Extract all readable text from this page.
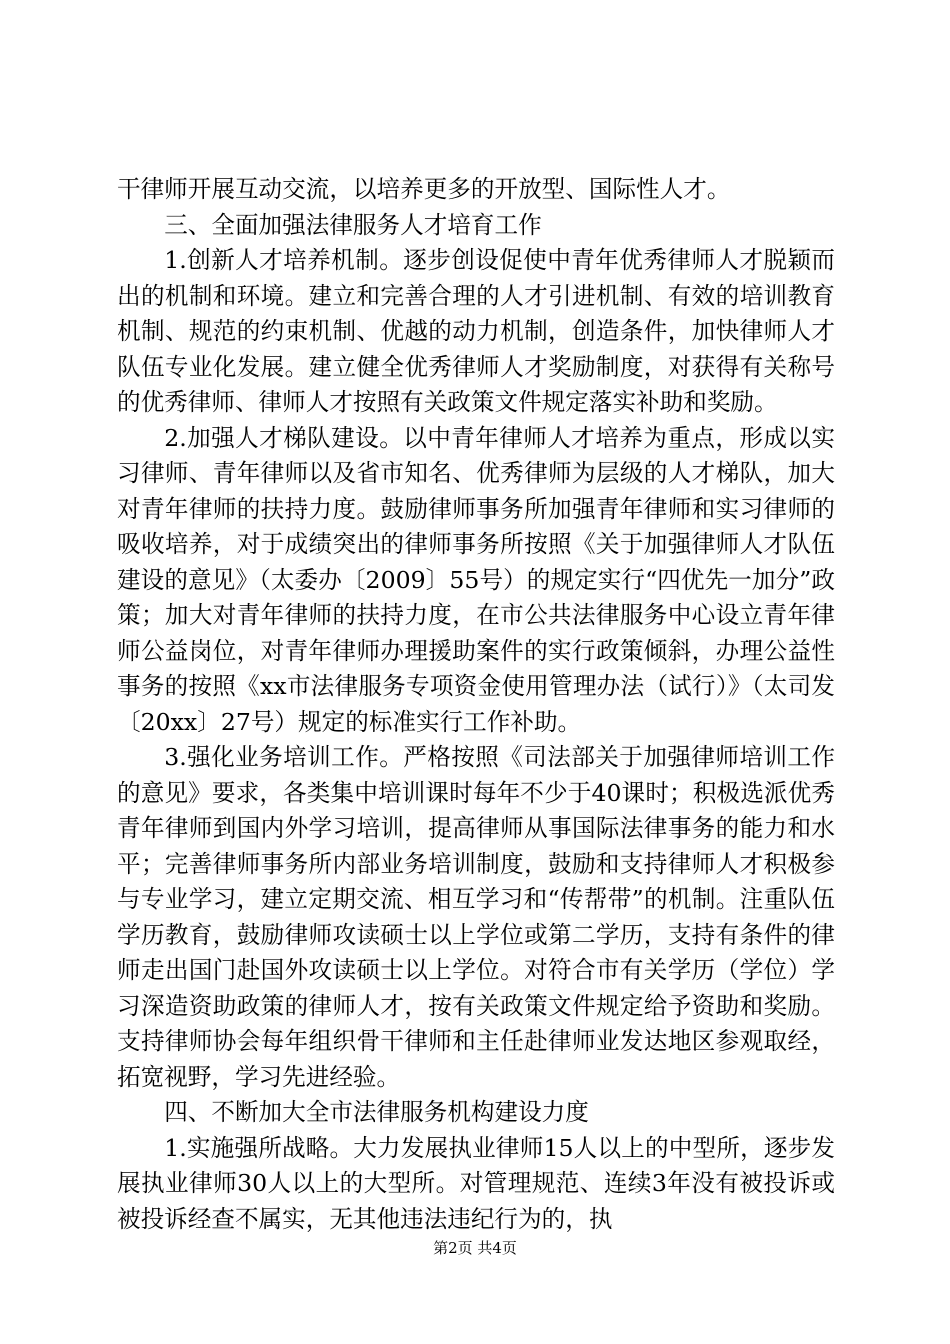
干律师开展互动交流，以培养更多的开放型、国际性人才。

三、全面加强法律服务人才培育工作

1.创新人才培养机制。逐步创设促使中青年优秀律师人才脱颖而出的机制和环境。建立和完善合理的人才引进机制、有效的培训教育机制、规范的约束机制、优越的动力机制，创造条件，加快律师人才队伍专业化发展。建立健全优秀律师人才奖励制度，对获得有关称号的优秀律师、律师人才按照有关政策文件规定落实补助和奖励。

2.加强人才梯队建设。以中青年律师人才培养为重点，形成以实习律师、青年律师以及省市知名、优秀律师为层级的人才梯队，加大对青年律师的扶持力度。鼓励律师事务所加强青年律师和实习律师的吸收培养，对于成绩突出的律师事务所按照《关于加强律师人才队伍建设的意见》（太委办〔2009〕55号）的规定实行“四优先一加分”政策；加大对青年律师的扶持力度，在市公共法律服务中心设立青年律师公益岗位，对青年律师办理援助案件的实行政策倾斜，办理公益性事务的按照《xx市法律服务专项资金使用管理办法（试行）》（太司发〔20xx〕27号）规定的标准实行工作补助。

3.强化业务培训工作。严格按照《司法部关于加强律师培训工作的意见》要求，各类集中培训课时每年不少于40课时；积极选派优秀青年律师到国内外学习培训，提高律师从事国际法律事务的能力和水平；完善律师事务所内部业务培训制度，鼓励和支持律师人才积极参与专业学习，建立定期交流、相互学习和“传帮带”的机制。注重队伍学历教育，鼓励律师攻读硕士以上学位或第二学历，支持有条件的律师走出国门赴国外攻读硕士以上学位。对符合市有关学历（学位）学习深造资助政策的律师人才，按有关政策文件规定给予资助和奖励。支持律师协会每年组织骨干律师和主任赴律师业发达地区参观取经，拓宽视野，学习先进经验。

四、不断加大全市法律服务机构建设力度

1.实施强所战略。大力发展执业律师15人以上的中型所，逐步发展执业律师30人以上的大型所。对管理规范、连续3年没有被投诉或被投诉经查不属实，无其他违法违纪行为的，执

第2页 共4页
